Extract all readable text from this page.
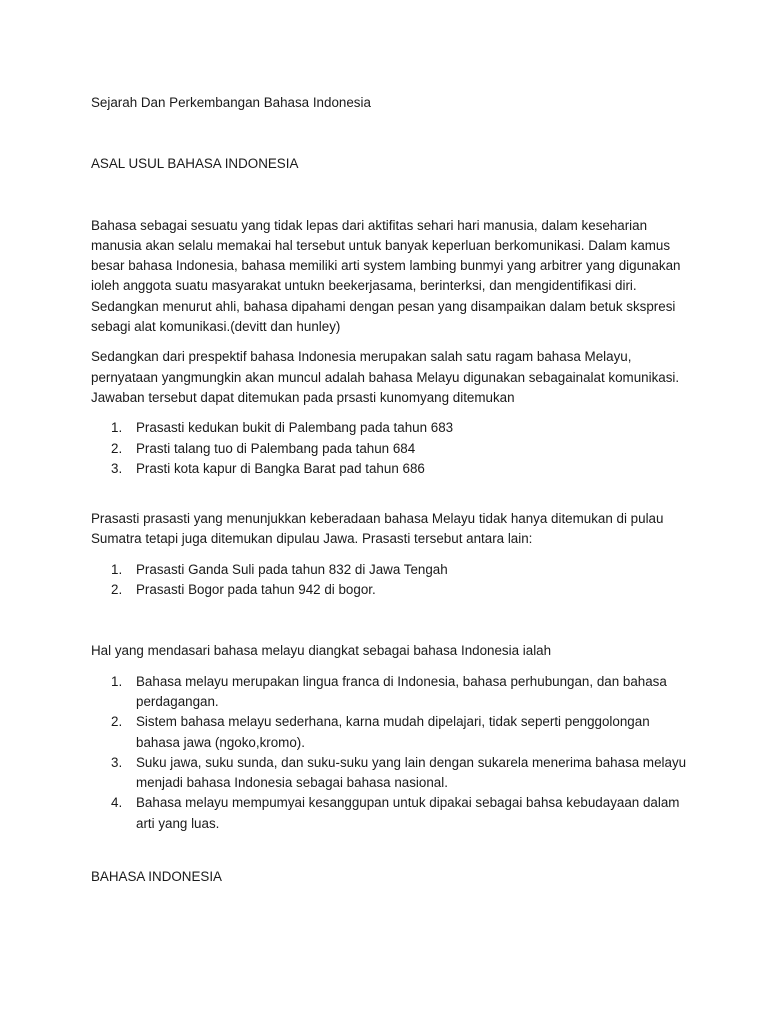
Sejarah Dan Perkembangan Bahasa Indonesia
ASAL USUL BAHASA INDONESIA

Bahasa sebagai sesuatu yang tidak lepas dari aktifitas sehari hari manusia, dalam keseharian manusia akan selalu memakai hal tersebut untuk banyak keperluan berkomunikasi. Dalam kamus besar bahasa Indonesia, bahasa memiliki arti system lambing bunmyi yang arbitrer yang digunakan ioleh anggota suatu masyarakat untukn beekerjasama, berinterksi, dan mengidentifikasi diri. Sedangkan menurut ahli, bahasa dipahami dengan pesan yang disampaikan dalam betuk skspresi sebagi alat komunikasi.(devitt dan hunley)

Sedangkan dari prespektif bahasa Indonesia merupakan salah satu ragam bahasa Melayu, pernyataan yangmungkin akan muncul adalah bahasa Melayu digunakan sebagainalat komunikasi. Jawaban tersebut dapat ditemukan pada prsasti kunomyang ditemukan

1. Prasasti kedukan bukit di Palembang pada tahun 683
2. Prasti talang tuo di Palembang pada tahun 684
3. Prasti kota kapur di Bangka Barat pad tahun 686

Prasasti prasasti yang menunjukkan keberadaan bahasa Melayu tidak hanya ditemukan di pulau Sumatra tetapi juga ditemukan dipulau Jawa. Prasasti tersebut antara lain:

1. Prasasti Ganda Suli pada tahun 832 di Jawa Tengah
2. Prasasti Bogor pada tahun 942 di bogor.

Hal yang mendasari bahasa melayu diangkat sebagai bahasa Indonesia ialah

1. Bahasa melayu merupakan lingua franca di Indonesia, bahasa perhubungan, dan bahasa perdagangan.
2. Sistem bahasa melayu sederhana, karna mudah dipelajari, tidak seperti penggolongan bahasa jawa (ngoko,kromo).
3. Suku jawa, suku sunda, dan suku-suku yang lain dengan sukarela menerima bahasa melayu menjadi bahasa Indonesia sebagai bahasa nasional.
4. Bahasa melayu mempumyai kesanggupan untuk dipakai sebagai bahsa kebudayaan dalam arti yang luas.
BAHASA INDONESIA
